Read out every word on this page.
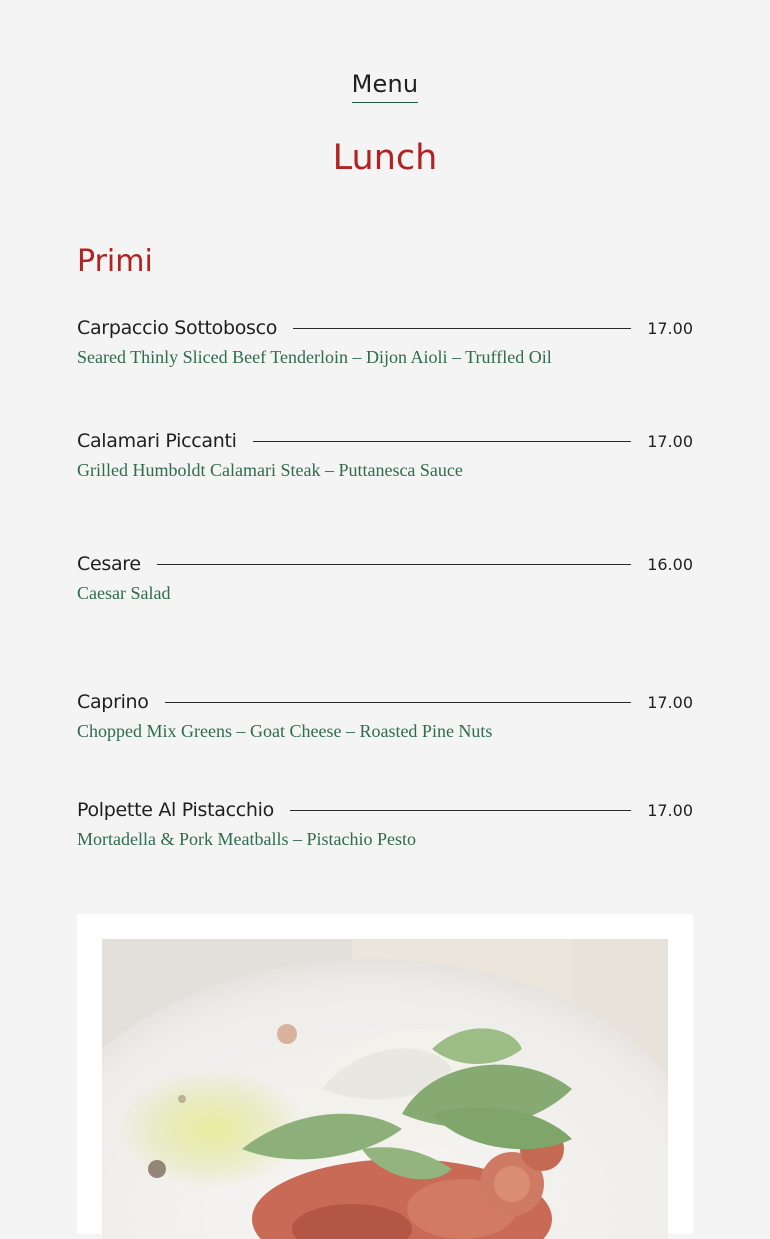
Menu
Lunch
Primi
Carpaccio Sottobosco	17.00
Seared Thinly Sliced Beef Tenderloin – Dijon Aioli – Truffled Oil
Calamari Piccanti	17.00
Grilled Humboldt Calamari Steak – Puttanesca Sauce
Cesare	16.00
Caesar Salad
Caprino	17.00
Chopped Mix Greens – Goat Cheese – Roasted Pine Nuts
Polpette Al Pistacchio	17.00
Mortadella & Pork Meatballs – Pistachio Pesto
